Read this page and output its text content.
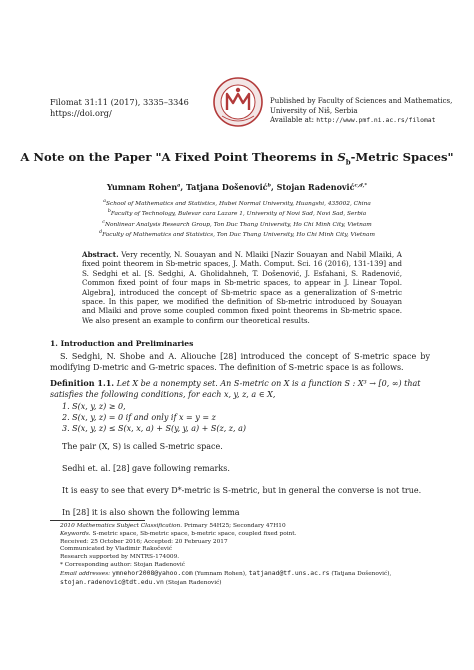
Filomat 31:11 (2017), 3335–3346
https://doi.org/
Published by Faculty of Sciences and Mathematics,
University of Niš, Serbia
Available at: http://www.pmf.ni.ac.rs/filomat
A Note on the Paper "A Fixed Point Theorems in $S_b$-Metric Spaces"
Yumnam Rohen$^a$, Tatjana Došenović$^b$, Stojan Radenović$^{c,d,*}$
$^a$School of Mathematics and Statistics, Hubei Normal University, Huangshi, 435002, China
$^b$Faculty of Technology, Bulevar cara Lazare 1, University of Novi Sad, Novi Sad, Serbia
$^c$Nonlinear Analysis Research Group, Ton Duc Thang University, Ho Chi Minh City, Vietnam
$^d$Faculty of Mathematics and Statistics, Ton Duc Thang University, Ho Chi Minh City, Vietnam
Abstract. Very recently, N. Souayan and N. Mlaiki [Nazir Souayan and Nabil Mlaiki, A fixed point theorem in Sb-metric spaces, J. Math. Comput. Sci. 16 (2016), 131-139] and S. Sedghi et al. [S. Sedghi, A. Gholidahneh, T. Došenović, J. Esfahani, S. Radenović, Common fixed point of four maps in Sb-metric spaces, to appear in J. Linear Topol. Algebra], introduced the concept of Sb-metric space as a generalization of S-metric space. In this paper, we modified the definition of Sb-metric introduced by Souayan and Mlaiki and prove some coupled common fixed point theorems in Sb-metric space. We also present an example to confirm our theoretical results.
1. Introduction and Preliminaries
S. Sedghi, N. Shobe and A. Aliouche [28] introduced the concept of S-metric space by modifying D-metric and G-metric spaces. The definition of S-metric space is as follows.
Definition 1.1. Let X be a nonempty set. An S-metric on X is a function S : X³ → [0, ∞) that satisfies the following conditions, for each x, y, z, a ∈ X,
1. S(x, y, z) ≥ 0,
2. S(x, y, z) = 0 if and only if x = y = z
3. S(x, y, z) ≤ S(x, x, a) + S(y, y, a) + S(z, z, a)
The pair (X, S) is called S-metric space.
Sedhi et. al. [28] gave following remarks.
It is easy to see that every D*-metric is S-metric, but in general the converse is not true.
In [28] it is also shown the following lemma
2010 Mathematics Subject Classification. Primary 54H25; Secondary 47H10
Keywords. S-metric space, Sb-metric space, b-metric space, coupled fixed point.
Received: 25 October 2016; Accepted: 20 February 2017
Communicated by Vladimir Rakočević
Research supported by MNTRS-174009.
* Corresponding author: Stojan Radenović
Email addresses: ymnehor2008@yahoo.com (Yumnam Rohen), tatjanad@tf.uns.ac.rs (Tatjana Došenović),
stojan.radenovic@tdt.edu.vn (Stojan Radenović)
